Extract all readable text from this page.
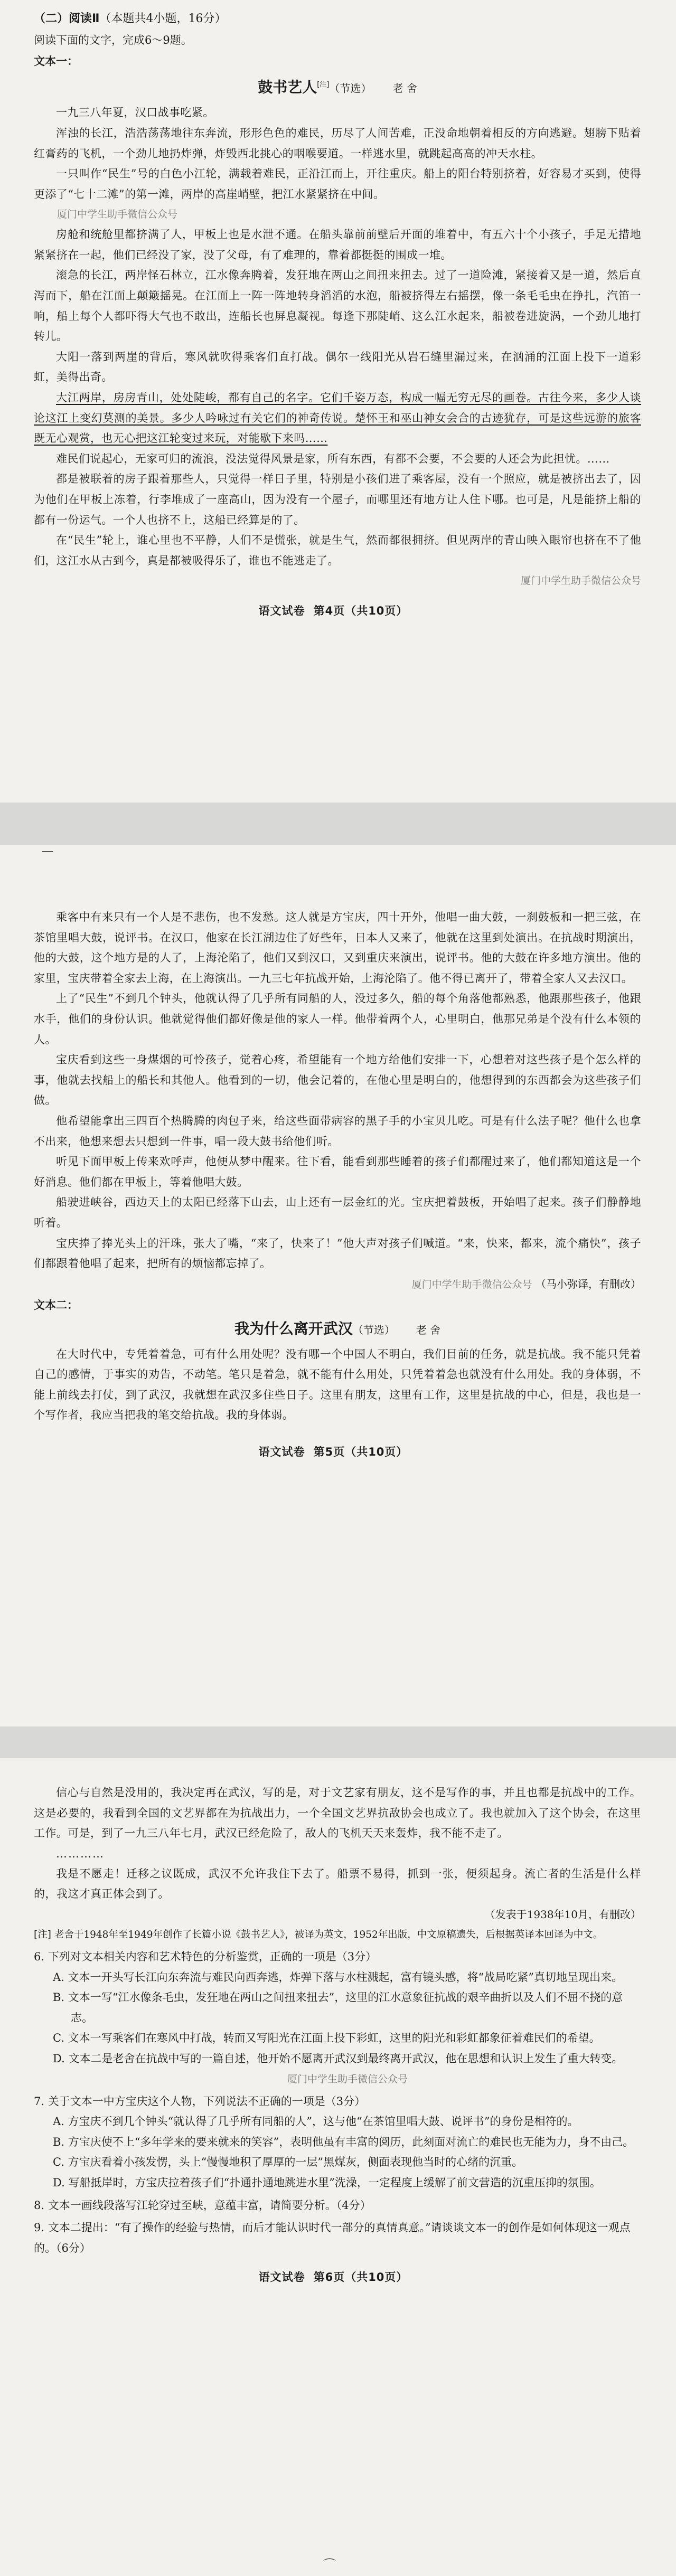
（二）阅读Ⅱ（本题共4小题，16分）

阅读下面的文字，完成6～9题。

文本一：

鼓书艺人[注]（节选） 老 舍

一九三八年夏，汉口战事吃紧。

浑浊的长江，浩浩荡荡地往东奔流，形形色色的难民，历尽了人间苦难，正没命地朝着相反的方向逃避。翅膀下贴着红膏药的飞机，一个劲儿地扔炸弹，炸毁西北挑心的咽喉要道。一样逃水里，就跳起高高的冲天水柱。

一只叫作“民生”号的白色小江轮，满载着难民，正沿江而上，开往重庆。船上的阳台特别挤着，好容易才买到，使得更添了“七十二滩”的第一滩，两岸的高崖峭壁，把江水紧紧挤在中间。

厦门中学生助手微信公众号

房舱和统舱里都挤满了人，甲板上也是水泄不通。在船头靠前前壁后开面的堆着中，有五六十个小孩子，手足无措地紧紧挤在一起，他们已经没了家，没了父母，有了难理的，靠着都挺挺的围成一堆。

滚急的长江，两岸怪石林立，江水像奔腾着，发狂地在两山之间扭来扭去。过了一道险滩，紧接着又是一道，然后直泻而下，船在江面上颠簸摇晃。在江面上一阵一阵地转身滔滔的水泡，船被挤得左右摇摆，像一条毛毛虫在挣扎，汽笛一响，船上每个人都吓得大气也不敢出，连船长也屏息凝视。每逢下那陡峭、这么江水起来，船被卷进旋涡，一个劲儿地打转儿。

大阳一落到两崖的背后，寒风就吹得乘客们直打战。偶尔一线阳光从岩石缝里漏过来，在汹涌的江面上投下一道彩虹，美得出奇。

大江两岸，房房青山，处处陡峻，都有自己的名字。它们千姿万态，构成一幅无穷无尽的画卷。古往今来，多少人谈论这江上变幻莫测的美景。多少人吟咏过有关它们的神奇传说。楚怀王和巫山神女会合的古迹犹存，可是这些远游的旅客既无心观赏，也无心把这江轮变过来玩，对能歇下来吗……

难民们说起心，无家可归的流浪，没法觉得风景是家，所有东西，有都不会要，不会要的人还会为此担忧。……

都是被联着的房子跟着那些人，只觉得一样日子里，特别是小孩们进了乘客屋，没有一个照应，就是被挤出去了，因为他们在甲板上冻着，行李堆成了一座高山，因为没有一个屋子，而哪里还有地方让人住下哪。也可是，凡是能挤上船的都有一份运气。一个人也挤不上，这船已经算是的了。

在“民生”轮上，谁心里也不平静，人们不是慌张，就是生气，然而都很拥挤。但见两岸的青山映入眼帘也挤在不了他们，这江水从古到今，真是都被吸得乐了，谁也不能逃走了。

厦门中学生助手微信公众号

语文试卷 第4页（共10页）

乘客中有来只有一个人是不悲伤，也不发愁。这人就是方宝庆，四十开外，他唱一曲大鼓，一刹鼓板和一把三弦，在茶馆里唱大鼓，说评书。在汉口，他家在长江湖边住了好些年，日本人又来了，他就在这里到处演出。在抗战时期演出，他的大鼓，这个地方是的人了，上海沦陷了，他们又到汉口，又到重庆来演出，说评书。他的大鼓在许多地方演出。他的家里，宝庆带着全家去上海，在上海演出。一九三七年抗战开始，上海沦陷了。他不得已离开了，带着全家人又去汉口。

上了“民生”不到几个钟头，他就认得了几乎所有同船的人，没过多久，船的每个角落他都熟悉，他跟那些孩子，他跟水手，他们的身份认识。他就觉得他们都好像是他的家人一样。他带着两个人，心里明白，他那兄弟是个没有什么本领的人。

宝庆看到这些一身煤烟的可怜孩子，觉着心疼，希望能有一个地方给他们安排一下，心想着对这些孩子是个怎么样的事，他就去找船上的船长和其他人。他看到的一切，他会记着的，在他心里是明白的，他想得到的东西都会为这些孩子们做。

他希望能拿出三四百个热腾腾的肉包子来，给这些面带病容的黑子手的小宝贝儿吃。可是有什么法子呢？他什么也拿不出来，他想来想去只想到一件事，唱一段大鼓书给他们听。

听见下面甲板上传来欢呼声，他便从梦中醒来。往下看，能看到那些睡着的孩子们都醒过来了，他们都知道这是一个好消息。他们都在甲板上，等着他唱大鼓。

船驶进峡谷，西边天上的太阳已经落下山去，山上还有一层金红的光。宝庆把着鼓板，开始唱了起来。孩子们静静地听着。

宝庆捧了捧光头上的汗珠，张大了嘴，“来了，快来了！”他大声对孩子们喊道。“来，快来，都来，流个痛快”，孩子们都跟着他唱了起来，把所有的烦恼都忘掉了。

厦门中学生助手微信公众号 （马小弥译，有删改）

文本二：

我为什么离开武汉（节选） 老 舍

在大时代中，专凭着着急，可有什么用处呢？没有哪一个中国人不明白，我们目前的任务，就是抗战。我不能只凭着自己的感情，于事实的劝告，不动笔。笔只是着急，就不能有什么用处，只凭着着急也就没有什么用处。我的身体弱，不能上前线去打仗，到了武汉，我就想在武汉多住些日子。这里有朋友，这里有工作，这里是抗战的中心，但是，我也是一个写作者，我应当把我的笔交给抗战。我的身体弱。

语文试卷 第5页（共10页）

信心与自然是没用的，我决定再在武汉，写的是，对于文艺家有朋友，这不是写作的事，并且也都是抗战中的工作。这是必要的，我看到全国的文艺界都在为抗战出力，一个全国文艺界抗敌协会也成立了。我也就加入了这个协会，在这里工作。可是，到了一九三八年七月，武汉已经危险了，敌人的飞机天天来轰炸，我不能不走了。

…………

我是不愿走！迁移之议既成，武汉不允许我住下去了。船票不易得，抓到一张，便须起身。流亡者的生活是什么样的，我这才真正体会到了。

（发表于1938年10月，有删改）

[注] 老舍于1948年至1949年创作了长篇小说《鼓书艺人》，被译为英文，1952年出版，中文原稿遗失，后根据英译本回译为中文。

6. 下列对文本相关内容和艺术特色的分析鉴赏，正确的一项是（3分）

A. 文本一开头写长江向东奔流与难民向西奔逃，炸弹下落与水柱溅起，富有镜头感，将“战局吃紧”真切地呈现出来。

B. 文本一写“江水像条毛虫，发狂地在两山之间扭来扭去”，这里的江水意象征抗战的艰辛曲折以及人们不屈不挠的意志。

C. 文本一写乘客们在寒风中打战，转而又写阳光在江面上投下彩虹，这里的阳光和彩虹都象征着难民们的希望。

D. 文本二是老舍在抗战中写的一篇自述，他开始不愿离开武汉到最终离开武汉，他在思想和认识上发生了重大转变。

厦门中学生助手微信公众号

7. 关于文本一中方宝庆这个人物，下列说法不正确的一项是（3分）

A. 方宝庆不到几个钟头“就认得了几乎所有同船的人”，这与他“在茶馆里唱大鼓、说评书”的身份是相符的。

B. 方宝庆使不上“多年学来的要来就来的笑容”，表明他虽有丰富的阅历，此刻面对流亡的难民也无能为力，身不由己。

C. 方宝庆看着小孩发愣，头上“慢慢地积了厚厚的一层”黑煤灰，侧面表现他当时的心绪的沉重。

D. 写船抵岸时，方宝庆拉着孩子们“扑通扑通地跳进水里”洗澡，一定程度上缓解了前文营造的沉重压抑的氛围。

8. 文本一画线段落写江轮穿过至峡，意蕴丰富，请简要分析。（4分）

9. 文本二提出：“有了操作的经验与热情，而后才能认识时代一部分的真情真意。”请谈谈文本一的创作是如何体现这一观点的。（6分）

语文试卷 第6页（共10页）
⌒
